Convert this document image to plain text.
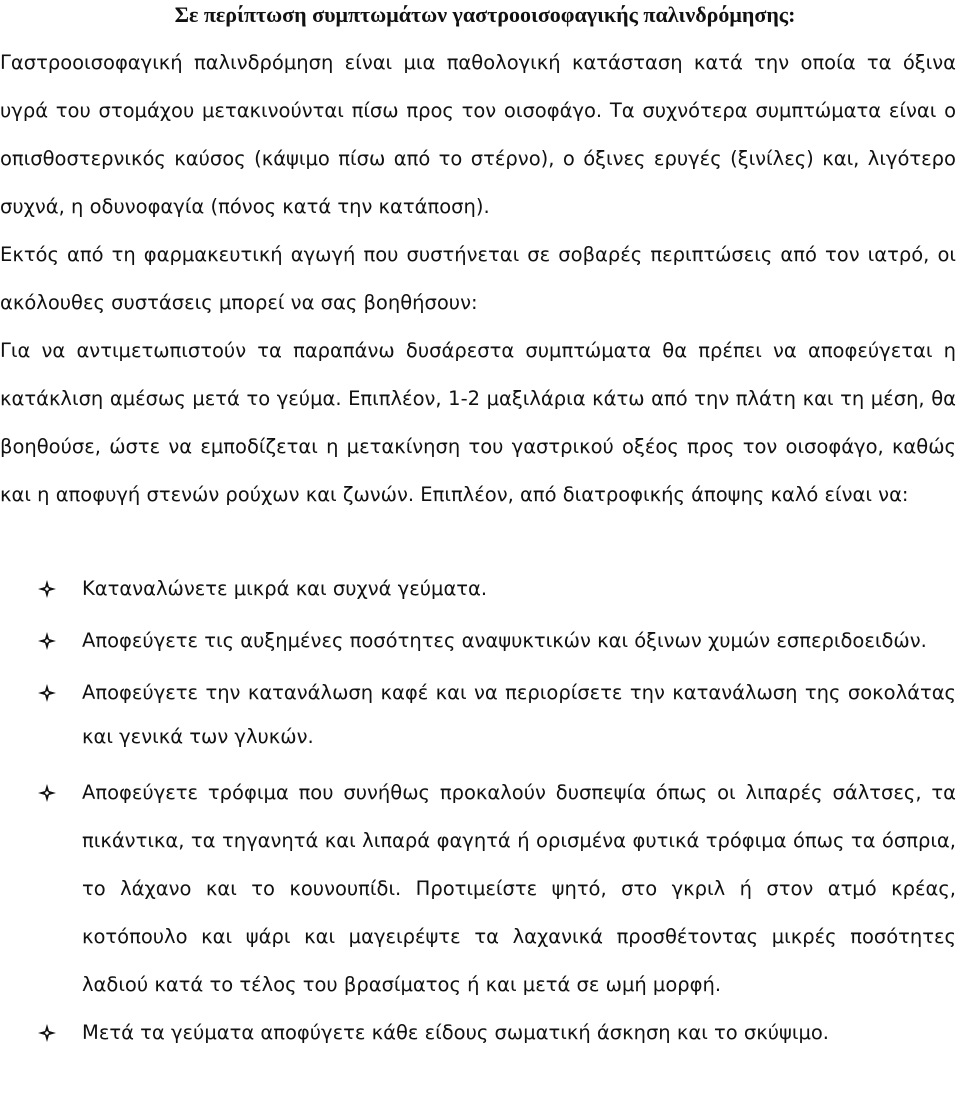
Σε περίπτωση συμπτωμάτων γαστροοισοφαγικής παλινδρόμησης:

Γαστροοισοφαγική παλινδρόμηση είναι μια παθολογική κατάσταση κατά την οποία τα όξινα υγρά του στομάχου μετακινούνται πίσω προς τον οισοφάγο. Τα συχνότερα συμπτώματα είναι ο οπισθοστερνικός καύσος (κάψιμο πίσω από το στέρνο), ο όξινες ερυγές (ξινίλες) και, λιγότερο συχνά, η οδυνοφαγία (πόνος κατά την κατάποση).

Εκτός από τη φαρμακευτική αγωγή που συστήνεται σε σοβαρές περιπτώσεις από τον ιατρό, οι ακόλουθες συστάσεις μπορεί να σας βοηθήσουν:

Για να αντιμετωπιστούν τα παραπάνω δυσάρεστα συμπτώματα θα πρέπει να αποφεύγεται η κατάκλιση αμέσως μετά το γεύμα. Επιπλέον, 1-2 μαξιλάρια κάτω από την πλάτη και τη μέση, θα βοηθούσε, ώστε να εμποδίζεται η μετακίνηση του γαστρικού οξέος προς τον οισοφάγο, καθώς και η αποφυγή στενών ρούχων και ζωνών. Επιπλέον, από διατροφικής άποψης καλό είναι να:

Καταναλώνετε μικρά και συχνά γεύματα.
Αποφεύγετε τις αυξημένες ποσότητες αναψυκτικών και όξινων χυμών εσπεριδοειδών.
Αποφεύγετε την κατανάλωση καφέ και να περιορίσετε την κατανάλωση της σοκολάτας και γενικά των γλυκών.
Αποφεύγετε τρόφιμα που συνήθως προκαλούν δυσπεψία όπως οι λιπαρές σάλτσες, τα πικάντικα, τα τηγανητά και λιπαρά φαγητά ή ορισμένα φυτικά τρόφιμα όπως τα όσπρια, το λάχανο και το κουνουπίδι. Προτιμείστε ψητό, στο γκριλ ή στον ατμό κρέας, κοτόπουλο και ψάρι και μαγειρέψτε τα λαχανικά προσθέτοντας μικρές ποσότητες λαδιού κατά το τέλος του βρασίματος ή και μετά σε ωμή μορφή.
Μετά τα γεύματα αποφύγετε κάθε είδους σωματική άσκηση και το σκύψιμο.
